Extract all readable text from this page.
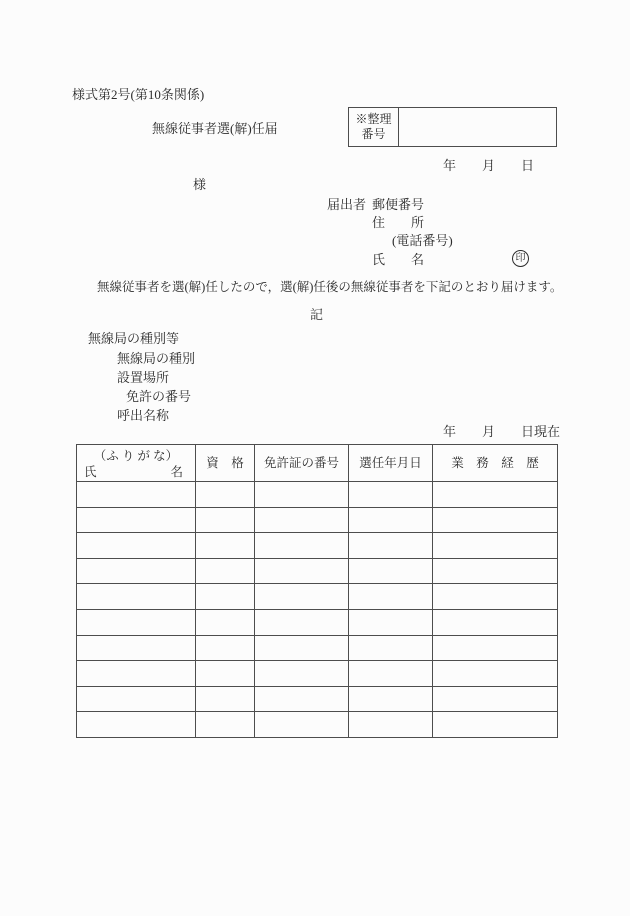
様式第2号(第10条関係)
無線従事者選(解)任届
※整理
番号
年　　月　　日
様
届出者 郵便番号
住 所
(電話番号)
氏 名	印
無線従事者を選(解)任したので，選(解)任後の無線従事者を下記のとおり届けます。
記
無線局の種別等
無線局の種別
設置場所
免許の番号
呼出名称
年　　月　　日現在
（ふ り が な）
氏 名	資　格	免許証の番号	選任年月日	業　務　経　歴
